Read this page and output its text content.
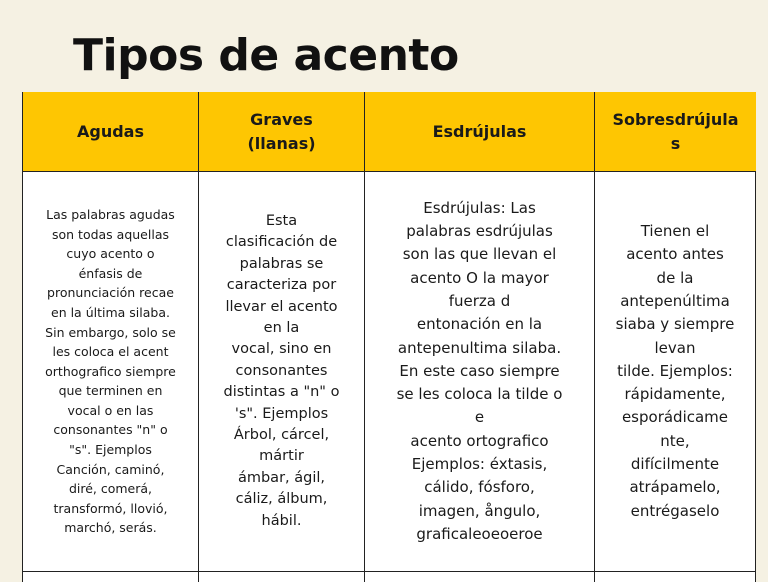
Tipos de acento
Agudas
Graves
(llanas)
Esdrújulas
Sobresdrújula
s
Las palabras agudas
son todas aquellas
cuyo acento o
énfasis de
pronunciación recae
en la última silaba.
Sin embargo, solo se
les coloca el acent
orthografico siempre
que terminen en
vocal o en las
consonantes "n" o
"s". Ejemplos
Canción, caminó,
diré, comerá,
transformó, llovió,
marchó, serás.
Esta
clasificación de
palabras se
caracteriza por
llevar el acento
en la
vocal, sino en
consonantes
distintas a "n" o
's". Ejemplos
Árbol, cárcel,
mártir
ámbar, ágil,
cáliz, álbum,
hábil.
Esdrújulas: Las
palabras esdrújulas
son las que llevan el
acento O la mayor
fuerza d
entonación en la
antepenultima silaba.
En este caso siempre
se les coloca la tilde o
e
acento ortografico
Ejemplos: éxtasis,
cálido, fósforo,
imagen, ångulo,
graficaleoeoeroe
Tienen el
acento antes
de la
antepenúltima
siaba y siempre
levan
tilde. Ejemplos:
rápidamente,
esporádicame
nte,
difícilmente
atrápamelo,
entrégaselo
